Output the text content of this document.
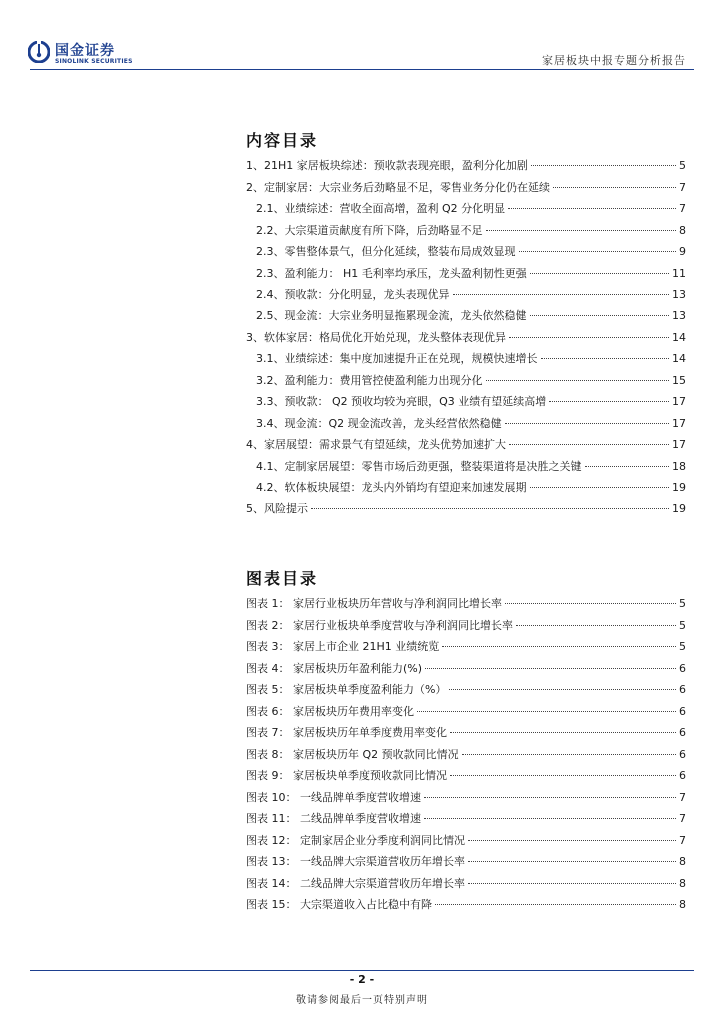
国金证券
SINOLINK SECURITIES	家居板块中报专题分析报告
内容目录
1、21H1 家居板块综述：预收款表现亮眼，盈利分化加剧	5
2、定制家居：大宗业务后劲略显不足，零售业务分化仍在延续	7
2.1、业绩综述：营收全面高增，盈利 Q2 分化明显	7
2.2、大宗渠道贡献度有所下降，后劲略显不足	8
2.3、零售整体景气，但分化延续，整装布局成效显现	9
2.3、盈利能力： H1 毛利率均承压，龙头盈利韧性更强	11
2.4、预收款：分化明显，龙头表现优异	13
2.5、现金流：大宗业务明显拖累现金流，龙头依然稳健	13
3、软体家居：格局优化开始兑现，龙头整体表现优异	14
3.1、业绩综述：集中度加速提升正在兑现，规模快速增长	14
3.2、盈利能力：费用管控使盈利能力出现分化	15
3.3、预收款： Q2 预收均较为亮眼，Q3 业绩有望延续高增	17
3.4、现金流：Q2 现金流改善，龙头经营依然稳健	17
4、家居展望：需求景气有望延续，龙头优势加速扩大	17
4.1、定制家居展望：零售市场后劲更强，整装渠道将是决胜之关键	18
4.2、软体板块展望：龙头内外销均有望迎来加速发展期	19
5、风险提示	19
图表目录
图表 1： 家居行业板块历年营收与净利润同比增长率	5
图表 2： 家居行业板块单季度营收与净利润同比增长率	5
图表 3： 家居上市企业 21H1 业绩统览	5
图表 4： 家居板块历年盈利能力(%)	6
图表 5： 家居板块单季度盈利能力（%）	6
图表 6： 家居板块历年费用率变化	6
图表 7： 家居板块历年单季度费用率变化	6
图表 8： 家居板块历年 Q2 预收款同比情况	6
图表 9： 家居板块单季度预收款同比情况	6
图表 10： 一线品牌单季度营收增速	7
图表 11： 二线品牌单季度营收增速	7
图表 12： 定制家居企业分季度利润同比情况	7
图表 13： 一线品牌大宗渠道营收历年增长率	8
图表 14： 二线品牌大宗渠道营收历年增长率	8
图表 15： 大宗渠道收入占比稳中有降	8
- 2 -
敬请参阅最后一页特别声明
